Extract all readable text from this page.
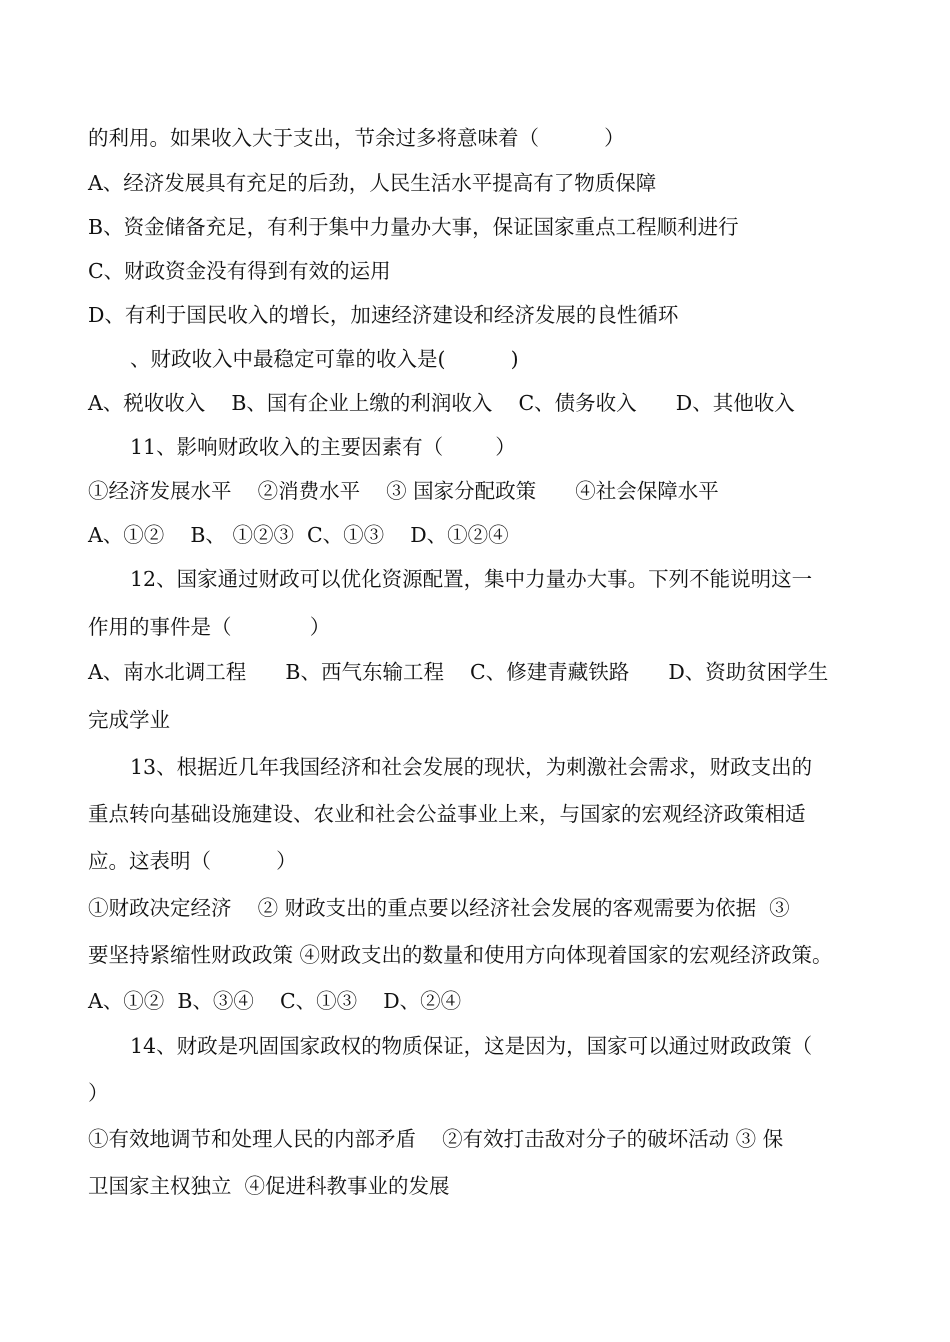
的利用。如果收入大于支出，节余过多将意味着（          ）
A、经济发展具有充足的后劲，人民生活水平提高有了物质保障
B、资金储备充足，有利于集中力量办大事，保证国家重点工程顺利进行
C、财政资金没有得到有效的运用
D、有利于国民收入的增长，加速经济建设和经济发展的良性循环
、财政收入中最稳定可靠的收入是(          )
A、税收收入    B、国有企业上缴的利润收入    C、债务收入      D、其他收入
11、影响财政收入的主要因素有（        ）
①经济发展水平    ②消费水平    ③ 国家分配政策      ④社会保障水平
A、①②    B、 ①②③  C、①③    D、①②④
12、国家通过财政可以优化资源配置，集中力量办大事。下列不能说明这一
作用的事件是（            ）
A、南水北调工程      B、西气东输工程    C、修建青藏铁路      D、资助贫困学生
完成学业
13、根据近几年我国经济和社会发展的现状，为刺激社会需求，财政支出的
重点转向基础设施建设、农业和社会公益事业上来，与国家的宏观经济政策相适
应。这表明（          ）
①财政决定经济    ② 财政支出的重点要以经济社会发展的客观需要为依据  ③
要坚持紧缩性财政政策 ④财政支出的数量和使用方向体现着国家的宏观经济政策。
A、①②  B、③④    C、①③    D、②④
14、财政是巩固国家政权的物质保证，这是因为，国家可以通过财政政策（
）
①有效地调节和处理人民的内部矛盾    ②有效打击敌对分子的破坏活动 ③ 保
卫国家主权独立  ④促进科教事业的发展
